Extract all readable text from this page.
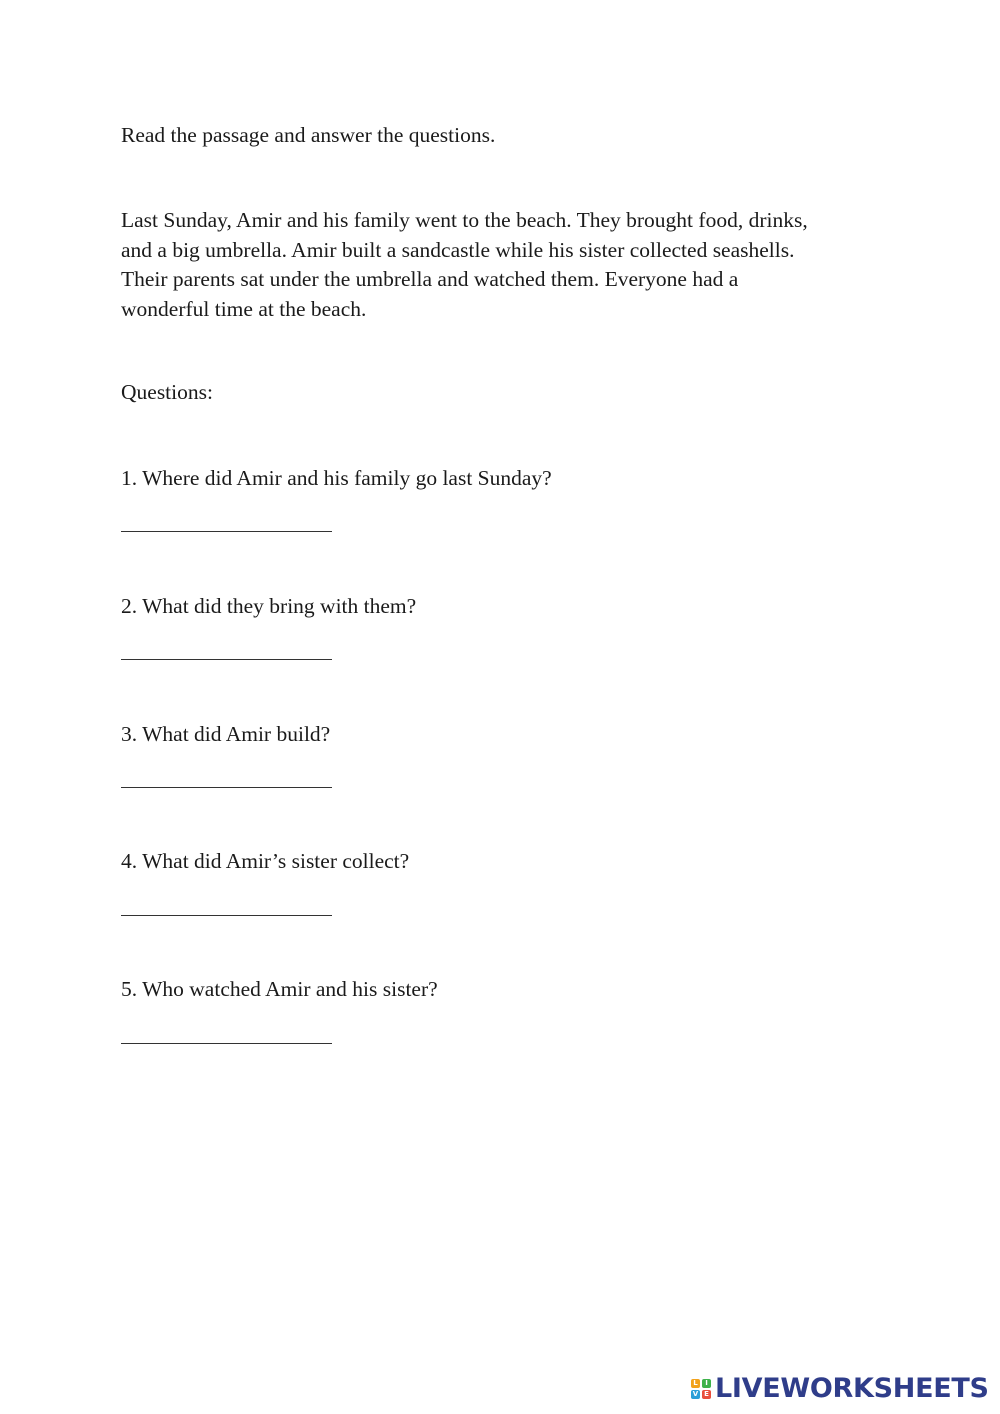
Read the passage and answer the questions.

Last Sunday, Amir and his family went to the beach. They brought food, drinks,
and a big umbrella. Amir built a sandcastle while his sister collected seashells.
Their parents sat under the umbrella and watched them. Everyone had a
wonderful time at the beach.

Questions:

1. Where did Amir and his family go last Sunday?

2. What did they bring with them?

3. What did Amir build?

4. What did Amir’s sister collect?

5. Who watched Amir and his sister?

L	I
V E LIVEWORKSHEETS
